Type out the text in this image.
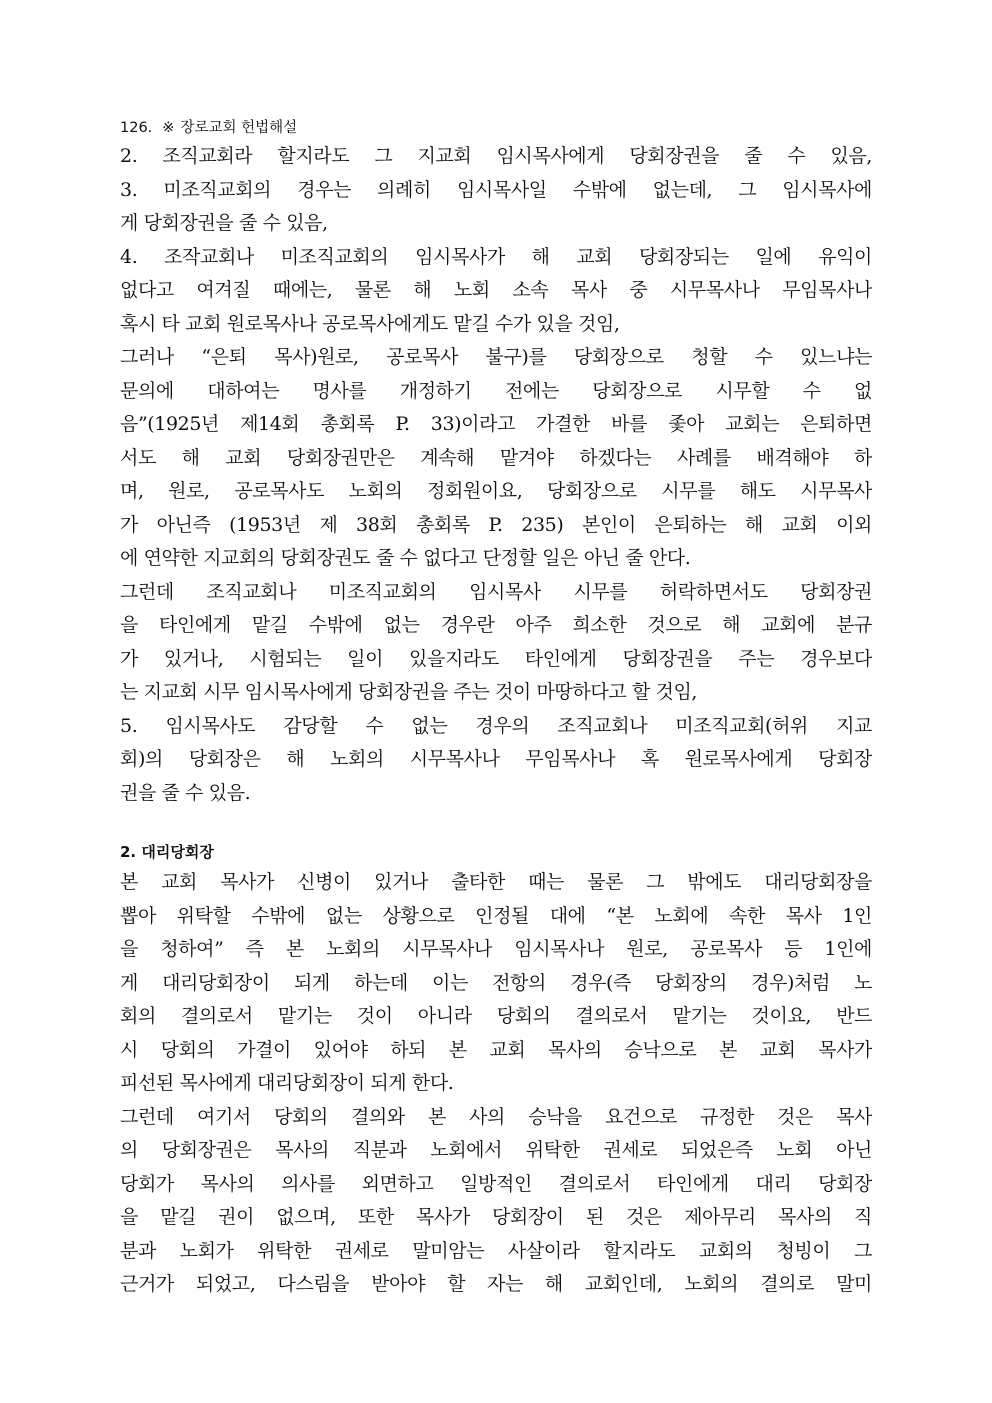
126. ※ 장로교회 헌법해설
2. 조직교회라 할지라도 그 지교회 임시목사에게 당회장권을 줄 수 있음,
3. 미조직교회의 경우는 의례히 임시목사일 수밖에 없는데, 그 임시목사에
게 당회장권을 줄 수 있음,
4. 조작교회나 미조직교회의 임시목사가 해 교회 당회장되는 일에 유익이
없다고 여겨질 때에는, 물론 해 노회 소속 목사 중 시무목사나 무임목사나
혹시 타 교회 원로목사나 공로목사에게도 맡길 수가 있을 것임,
그러나 “은퇴 목사)원로, 공로목사 불구)를 당회장으로 청할 수 있느냐는
문의에 대하여는 명사를 개정하기 전에는 당회장으로 시무할 수 없
음”(1925년 제14회 총회록 P. 33)이라고 가결한 바를 좇아 교회는 은퇴하면
서도 해 교회 당회장권만은 계속해 맡겨야 하겠다는 사례를 배격해야 하
며, 원로, 공로목사도 노회의 정회원이요, 당회장으로 시무를 해도 시무목사
가 아닌즉 (1953년 제 38회 총회록 P. 235) 본인이 은퇴하는 해 교회 이외
에 연약한 지교회의 당회장권도 줄 수 없다고 단정할 일은 아닌 줄 안다.
그런데 조직교회나 미조직교회의 임시목사 시무를 허락하면서도 당회장권
을 타인에게 맡길 수밖에 없는 경우란 아주 희소한 것으로 해 교회에 분규
가 있거나, 시험되는 일이 있을지라도 타인에게 당회장권을 주는 경우보다
는 지교회 시무 임시목사에게 당회장권을 주는 것이 마땅하다고 할 것임,
5. 임시목사도 감당할 수 없는 경우의 조직교회나 미조직교회(허위 지교
회)의 당회장은 해 노회의 시무목사나 무임목사나 혹 원로목사에게 당회장
권을 줄 수 있음.
2. 대리당회장
본 교회 목사가 신병이 있거나 출타한 때는 물론 그 밖에도 대리당회장을
뽑아 위탁할 수밖에 없는 상황으로 인정될 대에 “본 노회에 속한 목사 1인
을 청하여” 즉 본 노회의 시무목사나 임시목사나 원로, 공로목사 등 1인에
게 대리당회장이 되게 하는데 이는 전항의 경우(즉 당회장의 경우)처럼 노
회의 결의로서 맡기는 것이 아니라 당회의 결의로서 맡기는 것이요, 반드
시 당회의 가결이 있어야 하되 본 교회 목사의 승낙으로 본 교회 목사가
피선된 목사에게 대리당회장이 되게 한다.
그런데 여기서 당회의 결의와 본 사의 승낙을 요건으로 규정한 것은 목사
의 당회장권은 목사의 직분과 노회에서 위탁한 권세로 되었은즉 노회 아닌
당회가 목사의 의사를 외면하고 일방적인 결의로서 타인에게 대리 당회장
을 맡길 권이 없으며, 또한 목사가 당회장이 된 것은 제아무리 목사의 직
분과 노회가 위탁한 권세로 말미암는 사살이라 할지라도 교회의 청빙이 그
근거가 되었고, 다스림을 받아야 할 자는 해 교회인데, 노회의 결의로 말미
